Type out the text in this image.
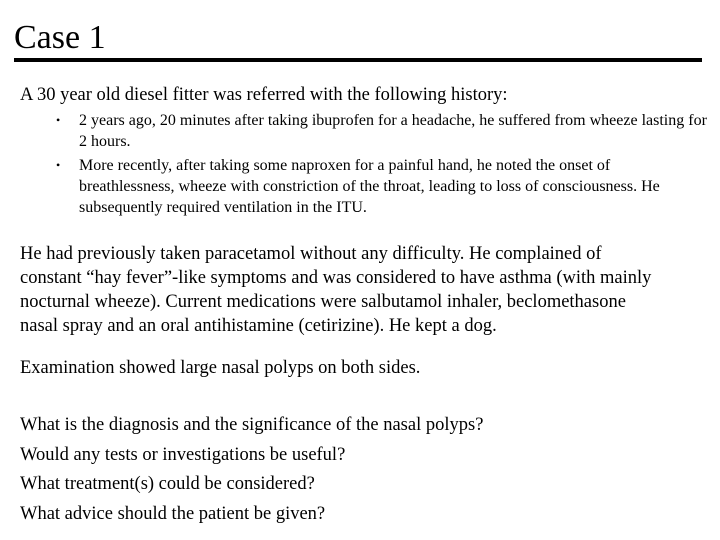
Case 1

A 30 year old diesel fitter was referred with the following history:

• 2 years ago, 20 minutes after taking ibuprofen for a headache, he suffered from wheeze lasting for 2 hours.
• More recently, after taking some naproxen for a painful hand, he noted the onset of breathlessness, wheeze with constriction of the throat, leading to loss of consciousness. He subsequently required ventilation in the ITU.

He had previously taken paracetamol without any difficulty. He complained of
constant “hay fever”-like symptoms and was considered to have asthma (with mainly
nocturnal wheeze). Current medications were salbutamol inhaler, beclomethasone
nasal spray and an oral antihistamine (cetirizine). He kept a dog.

Examination showed large nasal polyps on both sides.

What is the diagnosis and the significance of the nasal polyps?
Would any tests or investigations be useful?
What treatment(s) could be considered?
What advice should the patient be given?
